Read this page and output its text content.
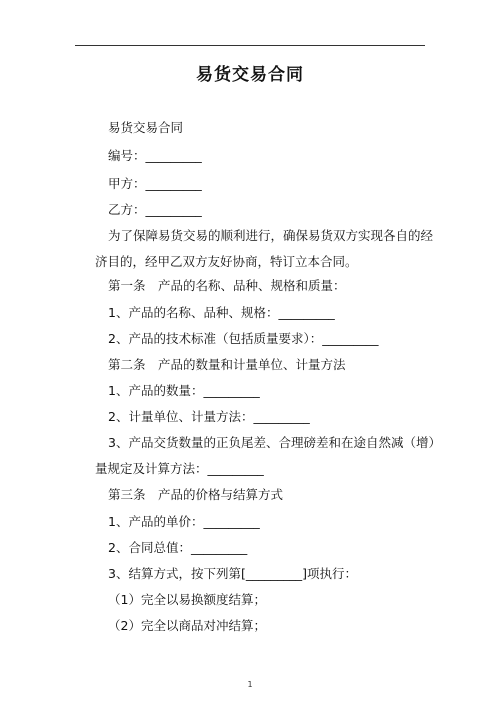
易货交易合同
易货交易合同
编号：_________
甲方：_________
乙方：_________
为了保障易货交易的顺利进行，确保易货双方实现各自的经
济目的，经甲乙双方友好协商，特订立本合同。
第一条　产品的名称、品种、规格和质量：
1、产品的名称、品种、规格：_________
2、产品的技术标准（包括质量要求）：_________
第二条　产品的数量和计量单位、计量方法
1、产品的数量：_________
2、计量单位、计量方法：_________
3、产品交货数量的正负尾差、合理磅差和在途自然减（增）
量规定及计算方法：_________
第三条　产品的价格与结算方式
1、产品的单价：_________
2、合同总值：_________
3、结算方式，按下列第[_________]项执行：
（1）完全以易换额度结算；
（2）完全以商品对冲结算；
1
